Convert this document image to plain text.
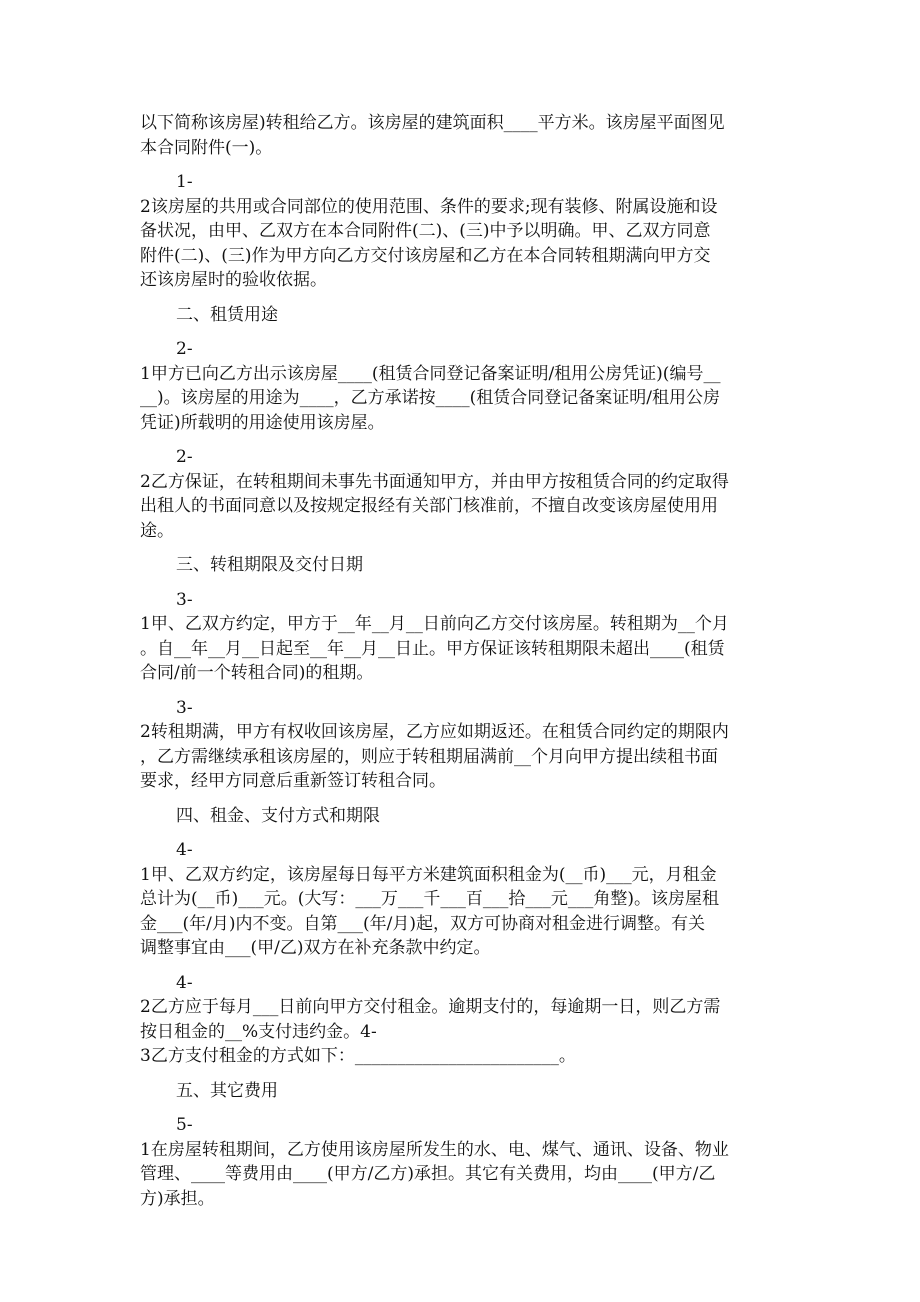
以下简称该房屋)转租给乙方。该房屋的建筑面积____平方米。该房屋平面图见
本合同附件(一)。
1-
2该房屋的共用或合同部位的使用范围、条件的要求;现有装修、附属设施和设
备状况，由甲、乙双方在本合同附件(二)、(三)中予以明确。甲、乙双方同意
附件(二)、(三)作为甲方向乙方交付该房屋和乙方在本合同转租期满向甲方交
还该房屋时的验收依据。
二、租赁用途
2-
1甲方已向乙方出示该房屋____(租赁合同登记备案证明/租用公房凭证)(编号__
__)。该房屋的用途为____，乙方承诺按____(租赁合同登记备案证明/租用公房
凭证)所载明的用途使用该房屋。
2-
2乙方保证，在转租期间未事先书面通知甲方，并由甲方按租赁合同的约定取得
出租人的书面同意以及按规定报经有关部门核准前，不擅自改变该房屋使用用
途。
三、转租期限及交付日期
3-
1甲、乙双方约定，甲方于__年__月__日前向乙方交付该房屋。转租期为__个月
。自__年__月__日起至__年__月__日止。甲方保证该转租期限未超出____(租赁
合同/前一个转租合同)的租期。
3-
2转租期满，甲方有权收回该房屋，乙方应如期返还。在租赁合同约定的期限内
，乙方需继续承租该房屋的，则应于转租期届满前__个月向甲方提出续租书面
要求，经甲方同意后重新签订转租合同。
四、租金、支付方式和期限
4-
1甲、乙双方约定，该房屋每日每平方米建筑面积租金为(__币)___元，月租金
总计为(__币)___元。(大写：___万___千___百___拾___元___角整)。该房屋租
金___(年/月)内不变。自第___(年/月)起，双方可协商对租金进行调整。有关
调整事宜由___(甲/乙)双方在补充条款中约定。
4-
2乙方应于每月___日前向甲方交付租金。逾期支付的，每逾期一日，则乙方需
按日租金的__%支付违约金。4-
3乙方支付租金的方式如下：________________________。
五、其它费用
5-
1在房屋转租期间，乙方使用该房屋所发生的水、电、煤气、通讯、设备、物业
管理、____等费用由____(甲方/乙方)承担。其它有关费用，均由____(甲方/乙
方)承担。
